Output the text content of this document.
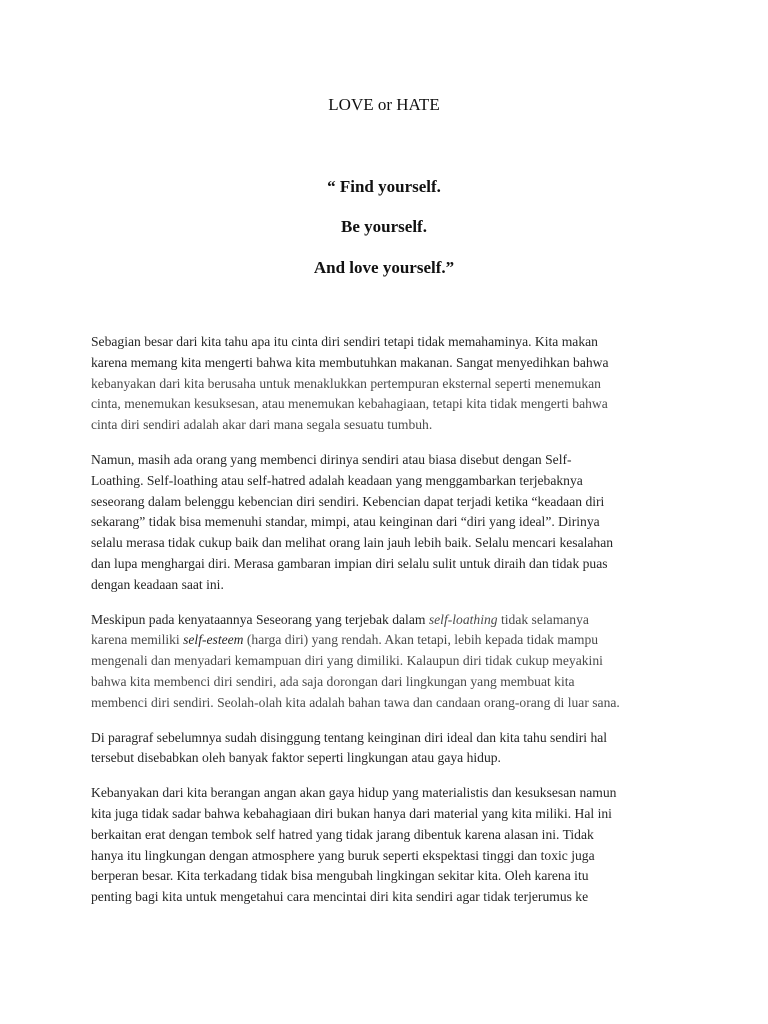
LOVE or HATE
“ Find yourself.
Be yourself.
And love yourself.”

Sebagian besar dari kita tahu apa itu cinta diri sendiri tetapi tidak memahaminya. Kita makan
karena memang kita mengerti bahwa kita membutuhkan makanan. Sangat menyedihkan bahwa
kebanyakan dari kita berusaha untuk menaklukkan pertempuran eksternal seperti menemukan
cinta, menemukan kesuksesan, atau menemukan kebahagiaan, tetapi kita tidak mengerti bahwa
cinta diri sendiri adalah akar dari mana segala sesuatu tumbuh.

Namun, masih ada orang yang membenci dirinya sendiri atau biasa disebut dengan Self-
Loathing. Self-loathing atau self-hatred adalah keadaan yang menggambarkan terjebaknya
seseorang dalam belenggu kebencian diri sendiri. Kebencian dapat terjadi ketika “keadaan diri
sekarang” tidak bisa memenuhi standar, mimpi, atau keinginan dari “diri yang ideal”. Dirinya
selalu merasa tidak cukup baik dan melihat orang lain jauh lebih baik. Selalu mencari kesalahan
dan lupa menghargai diri. Merasa gambaran impian diri selalu sulit untuk diraih dan tidak puas
dengan keadaan saat ini.

Meskipun pada kenyataannya Seseorang yang terjebak dalam self-loathing tidak selamanya
karena memiliki self-esteem (harga diri) yang rendah. Akan tetapi, lebih kepada tidak mampu
mengenali dan menyadari kemampuan diri yang dimiliki. Kalaupun diri tidak cukup meyakini
bahwa kita membenci diri sendiri, ada saja dorongan dari lingkungan yang membuat kita
membenci diri sendiri. Seolah-olah kita adalah bahan tawa dan candaan orang-orang di luar sana.

Di paragraf sebelumnya sudah disinggung tentang keinginan diri ideal dan kita tahu sendiri hal
tersebut disebabkan oleh banyak faktor seperti lingkungan atau gaya hidup.

Kebanyakan dari kita berangan angan akan gaya hidup yang materialistis dan kesuksesan namun
kita juga tidak sadar bahwa kebahagiaan diri bukan hanya dari material yang kita miliki. Hal ini
berkaitan erat dengan tembok self hatred yang tidak jarang dibentuk karena alasan ini. Tidak
hanya itu lingkungan dengan atmosphere yang buruk seperti ekspektasi tinggi dan toxic juga
berperan besar. Kita terkadang tidak bisa mengubah lingkingan sekitar kita. Oleh karena itu
penting bagi kita untuk mengetahui cara mencintai diri kita sendiri agar tidak terjerumus ke
